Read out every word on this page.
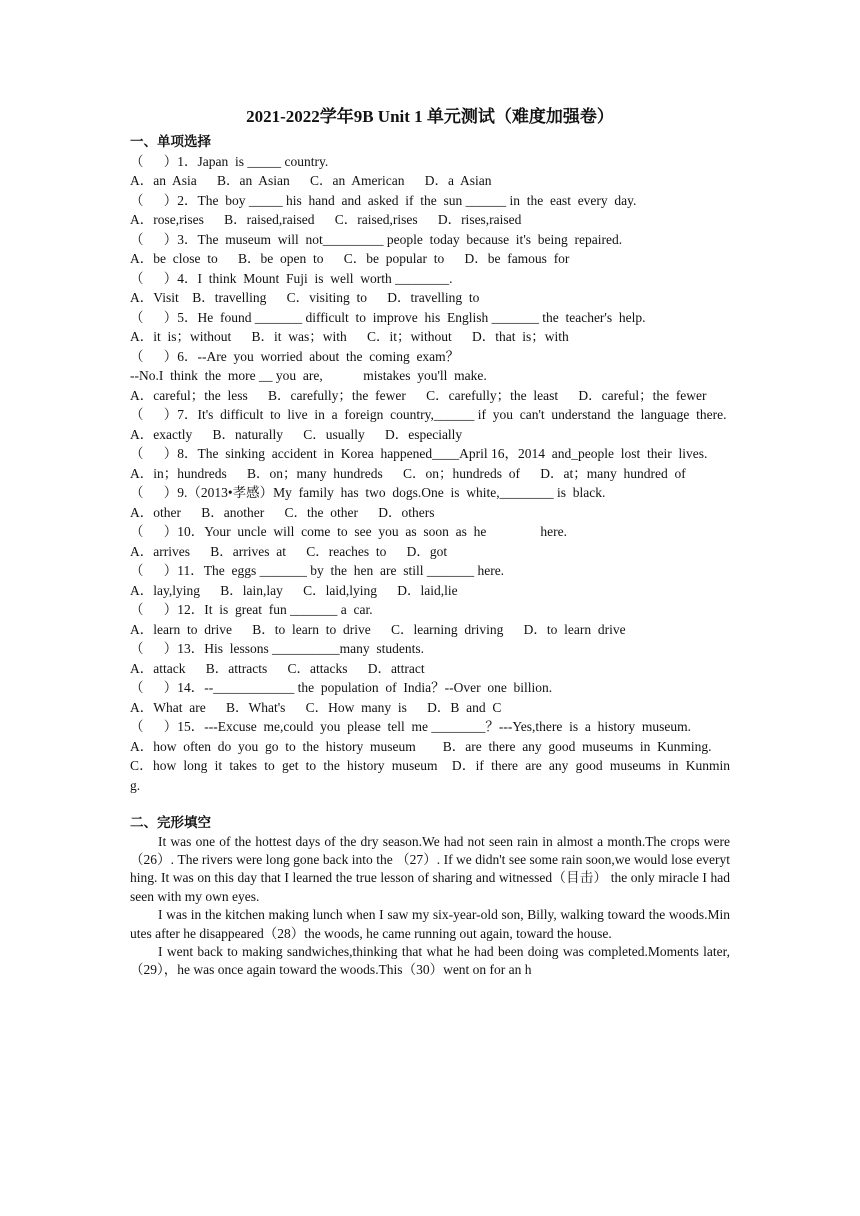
2021-2022学年9B Unit 1 单元测试（难度加强卷）
一、单项选择
（      ）1．Japan  is _____ country.
A．an  Asia      B．an  Asian      C．an  American      D．a  Asian
（      ）2．The  boy _____ his  hand  and  asked  if  the  sun ______ in  the  east  every  day.
A．rose,rises      B．raised,raised      C．raised,rises      D．rises,raised
（      ）3．The  museum  will  not_________ people  today  because  it's  being  repaired.
A．be  close  to      B．be  open  to      C．be  popular  to      D．be  famous  for
（      ）4．I  think  Mount  Fuji  is  well  worth ________.
A．Visit    B．travelling      C．visiting  to      D．travelling  to
（      ）5．He  found _______ difficult  to  improve  his  English _______ the  teacher's  help.
A．it  is；without      B．it  was；with      C．it；without      D．that  is；with
（      ）6．--Are  you  worried  about  the  coming  exam？
--No.I  think  the  more __ you  are,            mistakes  you'll  make.
A．careful；the  less      B．carefully；the  fewer      C．carefully；the  least      D．careful；the  fewer
（      ）7．It's  difficult  to  live  in  a  foreign  country,______ if  you  can't  understand  the  language  there.
A．exactly      B．naturally      C．usually      D．especially
（      ）8．The  sinking  accident  in  Korea  happened____April 16，2014  and_people  lost  their  lives.
A．in；hundreds      B．on；many  hundreds      C．on；hundreds  of      D．at；many  hundred  of
（      ）9.（2013•孝感）My  family  has  two  dogs.One  is  white,________ is  black.
A．other      B．another      C．the  other      D．others
（      ）10．Your  uncle  will  come  to  see  you  as  soon  as  he                here.
A．arrives      B．arrives  at      C．reaches  to      D．got
（      ）11．The  eggs _______ by  the  hen  are  still _______ here.
A．lay,lying      B．lain,lay      C．laid,lying      D．laid,lie
（      ）12．It  is  great  fun _______ a  car.
A．learn  to  drive      B．to  learn  to  drive      C．learning  driving      D．to  learn  drive
（      ）13．His  lessons __________many  students.
A．attack      B．attracts      C．attacks      D．attract
（      ）14．--____________ the  population  of  India？--Over  one  billion.
A．What  are      B．What's      C．How  many  is      D．B  and  C
（      ）15．---Excuse  me,could  you  please  tell  me ________？---Yes,there  is  a  history  museum.
A．how  often  do  you  go  to  the  history  museum        B．are  there  any  good  museums  in  Kunming.
C．how  long  it  takes  to  get  to  the  history  museum    D．if  there  are  any  good  museums  in  Kunming.
二、完形填空
It was one of the hottest days of the dry season.We had not seen rain in almost a month.The crops were（26）. The rivers were long gone back into the （27）. If we didn't see some rain soon,we would lose everything. It was on this day that I learned the true lesson of sharing and witnessed（目击） the only miracle I had seen with my own eyes.
I was in the kitchen making lunch when I saw my six-year-old son, Billy, walking toward the woods.Minutes after he disappeared（28）the woods, he came running out again, toward the house.
I went back to making sandwiches,thinking that what he had been doing was completed.Moments later,（29），he was once again toward the woods.This（30）went on for an h
